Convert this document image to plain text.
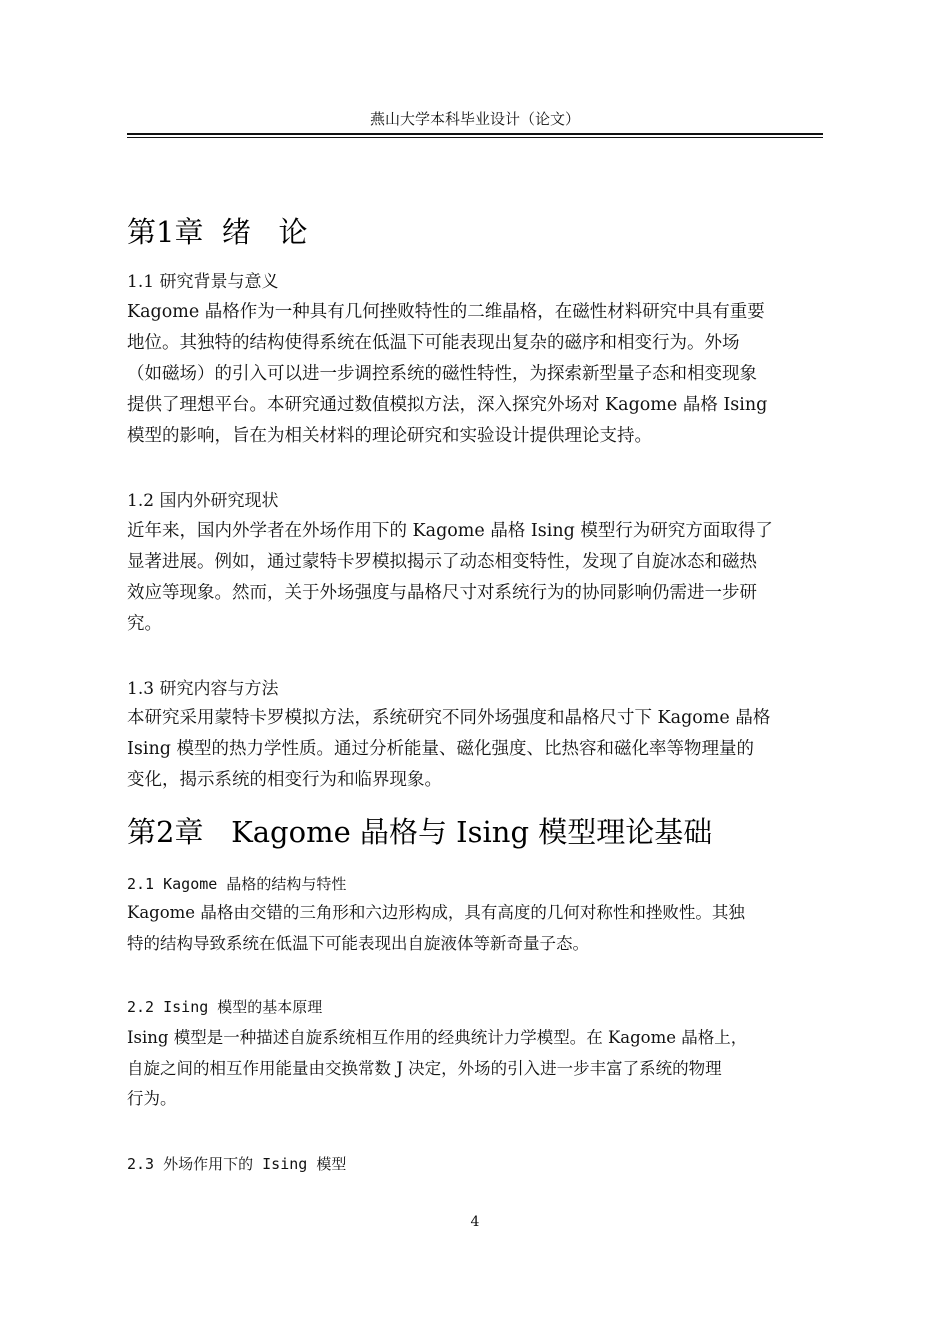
燕山大学本科毕业设计（论文）
第1章  绪   论
1.1 研究背景与意义
Kagome 晶格作为一种具有几何挫败特性的二维晶格，在磁性材料研究中具有重要
地位。其独特的结构使得系统在低温下可能表现出复杂的磁序和相变行为。外场
（如磁场）的引入可以进一步调控系统的磁性特性，为探索新型量子态和相变现象
提供了理想平台。本研究通过数值模拟方法，深入探究外场对 Kagome 晶格 Ising
模型的影响，旨在为相关材料的理论研究和实验设计提供理论支持。
1.2 国内外研究现状
近年来，国内外学者在外场作用下的 Kagome 晶格 Ising 模型行为研究方面取得了
显著进展。例如，通过蒙特卡罗模拟揭示了动态相变特性，发现了自旋冰态和磁热
效应等现象。然而，关于外场强度与晶格尺寸对系统行为的协同影响仍需进一步研
究。
1.3 研究内容与方法
本研究采用蒙特卡罗模拟方法，系统研究不同外场强度和晶格尺寸下 Kagome 晶格
Ising 模型的热力学性质。通过分析能量、磁化强度、比热容和磁化率等物理量的
变化，揭示系统的相变行为和临界现象。
第2章   Kagome 晶格与 Ising 模型理论基础
2.1 Kagome 晶格的结构与特性
Kagome 晶格由交错的三角形和六边形构成，具有高度的几何对称性和挫败性。其独
特的结构导致系统在低温下可能表现出自旋液体等新奇量子态。
2.2 Ising 模型的基本原理
Ising 模型是一种描述自旋系统相互作用的经典统计力学模型。在 Kagome 晶格上，
自旋之间的相互作用能量由交换常数 J 决定，外场的引入进一步丰富了系统的物理
行为。
2.3 外场作用下的 Ising 模型
4
